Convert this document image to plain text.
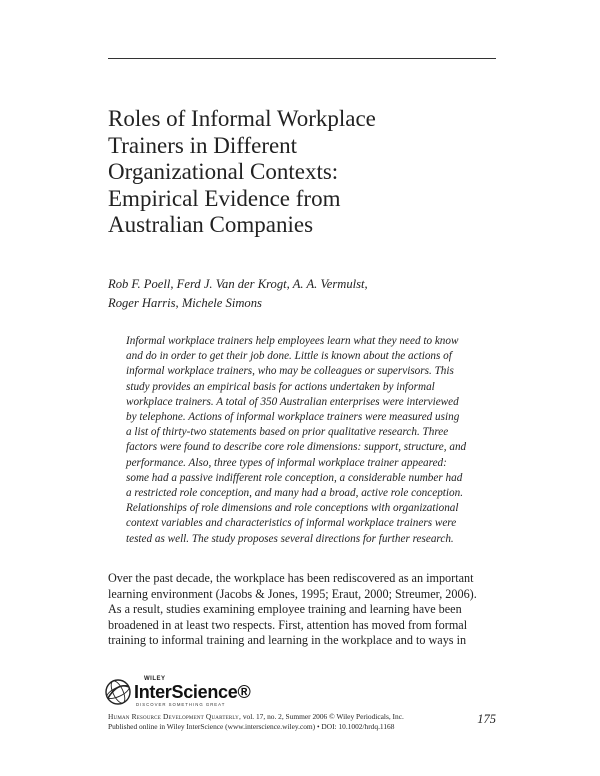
Roles of Informal Workplace
Trainers in Different
Organizational Contexts:
Empirical Evidence from
Australian Companies
Rob F. Poell, Ferd J. Van der Krogt, A. A. Vermulst,
Roger Harris, Michele Simons
Informal workplace trainers help employees learn what they need to know
and do in order to get their job done. Little is known about the actions of
informal workplace trainers, who may be colleagues or supervisors. This
study provides an empirical basis for actions undertaken by informal
workplace trainers. A total of 350 Australian enterprises were interviewed
by telephone. Actions of informal workplace trainers were measured using
a list of thirty-two statements based on prior qualitative research. Three
factors were found to describe core role dimensions: support, structure, and
performance. Also, three types of informal workplace trainer appeared:
some had a passive indifferent role conception, a considerable number had
a restricted role conception, and many had a broad, active role conception.
Relationships of role dimensions and role conceptions with organizational
context variables and characteristics of informal workplace trainers were
tested as well. The study proposes several directions for further research.
Over the past decade, the workplace has been rediscovered as an important
learning environment (Jacobs & Jones, 1995; Eraut, 2000; Streumer, 2006).
As a result, studies examining employee training and learning have been
broadened in at least two respects. First, attention has moved from formal
training to informal training and learning in the workplace and to ways in
WILEY
InterScience®
DISCOVER SOMETHING GREAT
Human Resource Development Quarterly, vol. 17, no. 2, Summer 2006 © Wiley Periodicals, Inc.
Published online in Wiley InterScience (www.interscience.wiley.com) • DOI: 10.1002/hrdq.1168
175
